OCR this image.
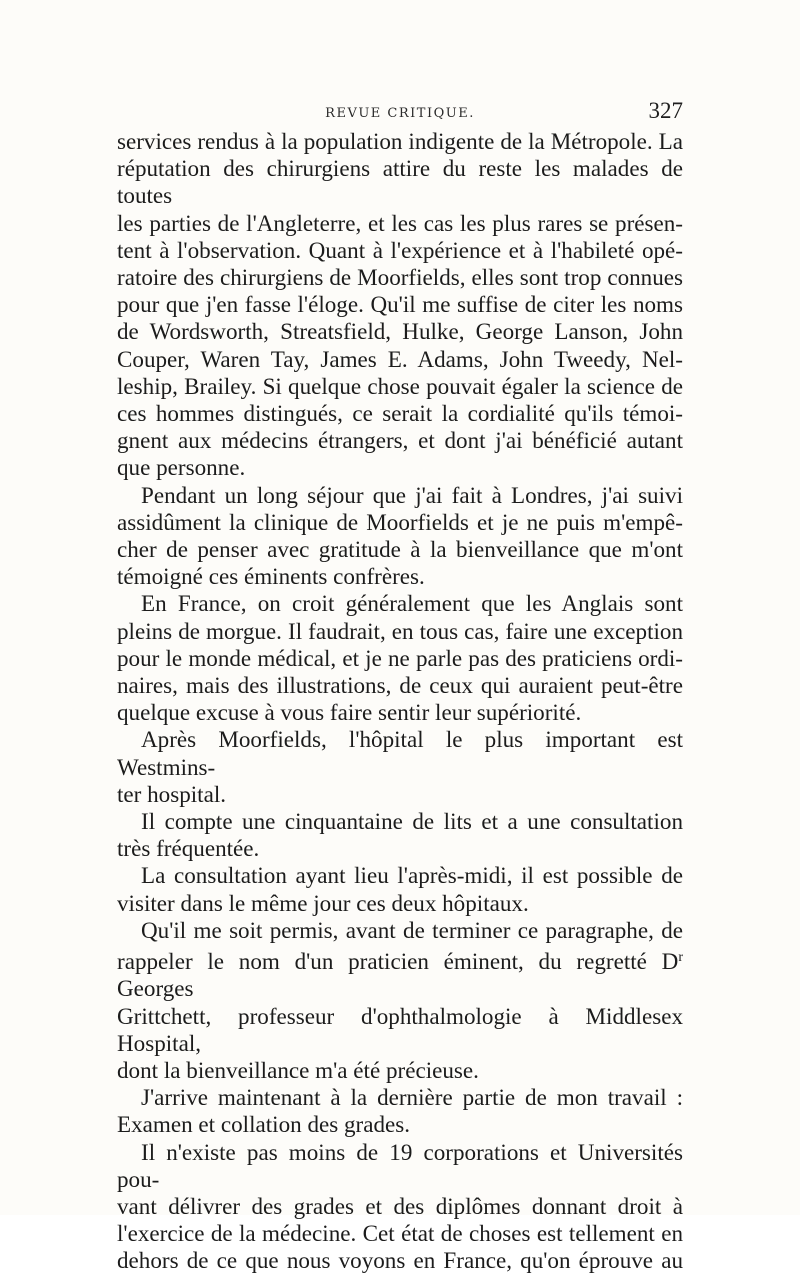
REVUE CRITIQUE.	327

services rendus à la population indigente de la Métropole. La

réputation des chirurgiens attire du reste les malades de toutes

les parties de l'Angleterre, et les cas les plus rares se présen-

tent à l'observation. Quant à l'expérience et à l'habileté opé-

ratoire des chirurgiens de Moorfields, elles sont trop connues

pour que j'en fasse l'éloge. Qu'il me suffise de citer les noms

de Wordsworth, Streatsfield, Hulke, George Lanson, John

Couper, Waren Tay, James E. Adams, John Tweedy, Nel-

leship, Brailey. Si quelque chose pouvait égaler la science de

ces hommes distingués, ce serait la cordialité qu'ils témoi-

gnent aux médecins étrangers, et dont j'ai bénéficié autant

que personne.

Pendant un long séjour que j'ai fait à Londres, j'ai suivi

assidûment la clinique de Moorfields et je ne puis m'empê-

cher de penser avec gratitude à la bienveillance que m'ont

témoigné ces éminents confrères.

En France, on croit généralement que les Anglais sont

pleins de morgue. Il faudrait, en tous cas, faire une exception

pour le monde médical, et je ne parle pas des praticiens ordi-

naires, mais des illustrations, de ceux qui auraient peut-être

quelque excuse à vous faire sentir leur supériorité.

Après Moorfields, l'hôpital le plus important est Westmins-

ter hospital.

Il compte une cinquantaine de lits et a une consultation

très fréquentée.

La consultation ayant lieu l'après-midi, il est possible de

visiter dans le même jour ces deux hôpitaux.

Qu'il me soit permis, avant de terminer ce paragraphe, de

rappeler le nom d'un praticien éminent, du regretté $D^r$ Georges

Grittchett, professeur d'ophthalmologie à Middlesex Hospital,

dont la bienveillance m'a été précieuse.

J'arrive maintenant à la dernière partie de mon travail :

Examen et collation des grades.

Il n'existe pas moins de 19 corporations et Universités pou-

vant délivrer des grades et des diplômes donnant droit à

l'exercice de la médecine. Cet état de choses est tellement en

dehors de ce que nous voyons en France, qu'on éprouve au
